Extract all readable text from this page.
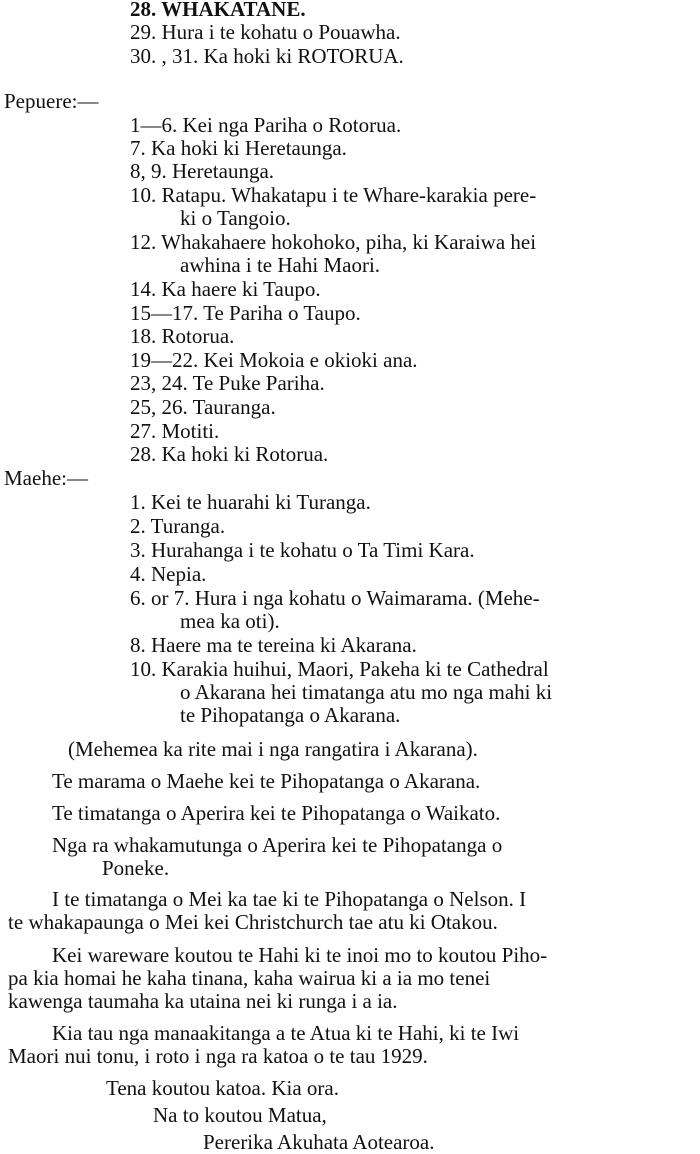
28. WHAKATANE.
29. Hura i te kohatu o Pouawha.
30. , 31. Ka hoki ki ROTORUA.
Pepuere:—
1—6. Kei nga Pariha o Rotorua.
7. Ka hoki ki Heretaunga.
8, 9. Heretaunga.
10. Ratapu. Whakatapu i te Whare-karakia pere-
ki o Tangoio.
12. Whakahaere hokohoko, piha, ki Karaiwa hei
awhina i te Hahi Maori.
14. Ka haere ki Taupo.
15—17. Te Pariha o Taupo.
18. Rotorua.
19—22. Kei Mokoia e okioki ana.
23, 24. Te Puke Pariha.
25, 26. Tauranga.
27. Motiti.
28. Ka hoki ki Rotorua.
Maehe:—
1. Kei te huarahi ki Turanga.
2. Turanga.
3. Hurahanga i te kohatu o Ta Timi Kara.
4. Nepia.
6. or 7. Hura i nga kohatu o Waimarama. (Mehe-
mea ka oti).
8. Haere ma te tereina ki Akarana.
10. Karakia huihui, Maori, Pakeha ki te Cathedral
o Akarana hei timatanga atu mo nga mahi ki
te Pihopatanga o Akarana.
(Mehemea ka rite mai i nga rangatira i Akarana).
Te marama o Maehe kei te Pihopatanga o Akarana.
Te timatanga o Aperira kei te Pihopatanga o Waikato.
Nga ra whakamutunga o Aperira kei te Pihopatanga o
Poneke.
I te timatanga o Mei ka tae ki te Pihopatanga o Nelson. I
te whakapaunga o Mei kei Christchurch tae atu ki Otakou.
Kei wareware koutou te Hahi ki te inoi mo to koutou Piho-
pa kia homai he kaha tinana, kaha wairua ki a ia mo tenei
kawenga taumaha ka utaina nei ki runga i a ia.
Kia tau nga manaakitanga a te Atua ki te Hahi, ki te Iwi
Maori nui tonu, i roto i nga ra katoa o te tau 1929.
Tena koutou katoa. Kia ora.
Na to koutou Matua,
Pererika Akuhata Aotearoa.
